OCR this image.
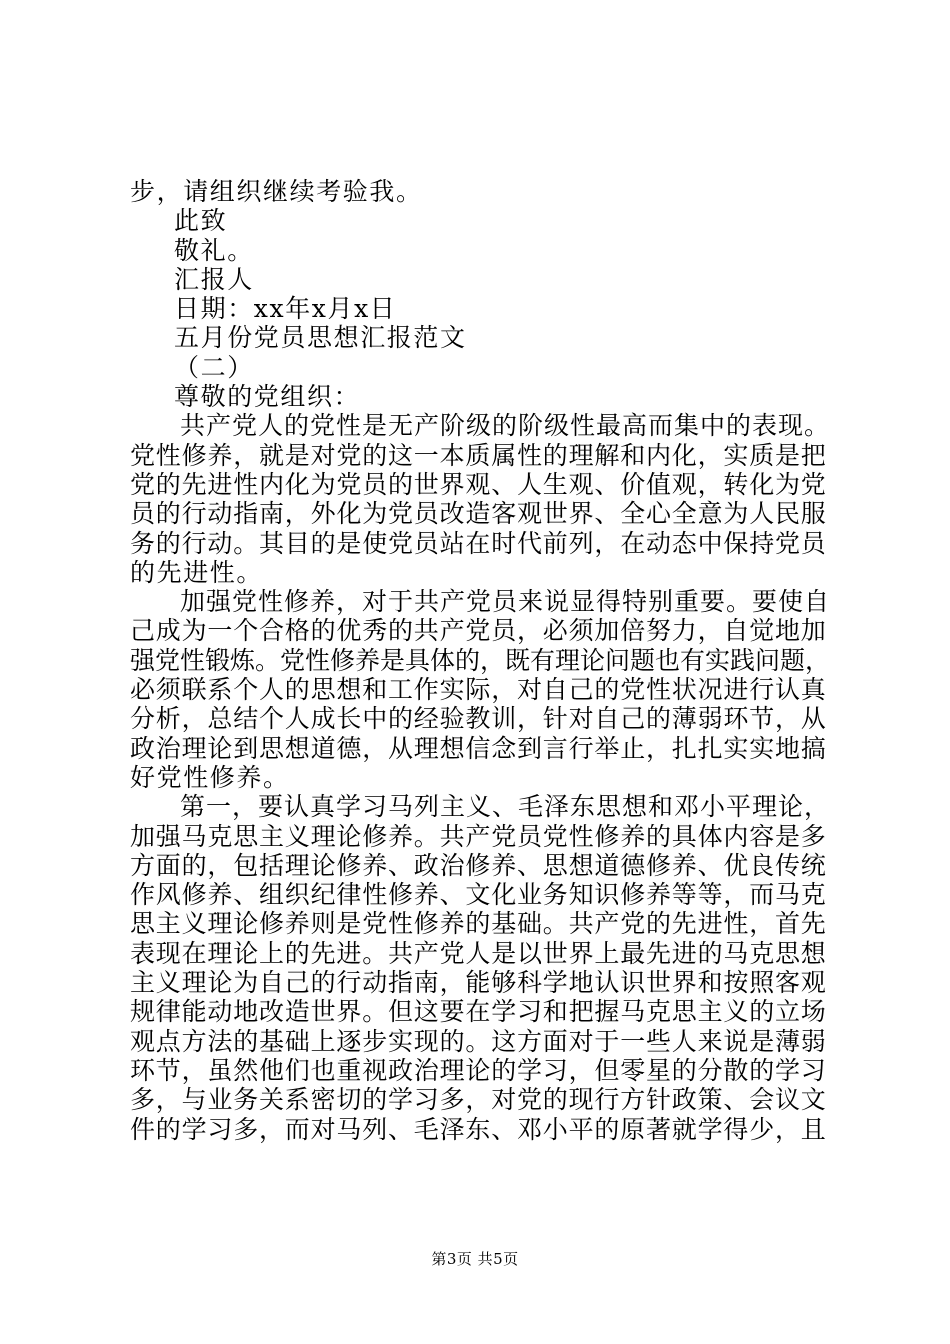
步，请组织继续考验我。
此致
敬礼。
汇报人
日期：xx年x月x日
五月份党员思想汇报范文
（二）
尊敬的党组织：
共产党人的党性是无产阶级的阶级性最高而集中的表现。
党性修养，就是对党的这一本质属性的理解和内化，实质是把
党的先进性内化为党员的世界观、人生观、价值观，转化为党
员的行动指南，外化为党员改造客观世界、全心全意为人民服
务的行动。其目的是使党员站在时代前列，在动态中保持党员
的先进性。
加强党性修养，对于共产党员来说显得特别重要。要使自
己成为一个合格的优秀的共产党员，必须加倍努力，自觉地加
强党性锻炼。党性修养是具体的，既有理论问题也有实践问题，
必须联系个人的思想和工作实际，对自己的党性状况进行认真
分析，总结个人成长中的经验教训，针对自己的薄弱环节，从
政治理论到思想道德，从理想信念到言行举止，扎扎实实地搞
好党性修养。
第一，要认真学习马列主义、毛泽东思想和邓小平理论，
加强马克思主义理论修养。共产党员党性修养的具体内容是多
方面的，包括理论修养、政治修养、思想道德修养、优良传统
作风修养、组织纪律性修养、文化业务知识修养等等，而马克
思主义理论修养则是党性修养的基础。共产党的先进性，首先
表现在理论上的先进。共产党人是以世界上最先进的马克思想
主义理论为自己的行动指南，能够科学地认识世界和按照客观
规律能动地改造世界。但这要在学习和把握马克思主义的立场
观点方法的基础上逐步实现的。这方面对于一些人来说是薄弱
环节，虽然他们也重视政治理论的学习，但零星的分散的学习
多，与业务关系密切的学习多，对党的现行方针政策、会议文
件的学习多，而对马列、毛泽东、邓小平的原著就学得少，且
第3页 共5页
